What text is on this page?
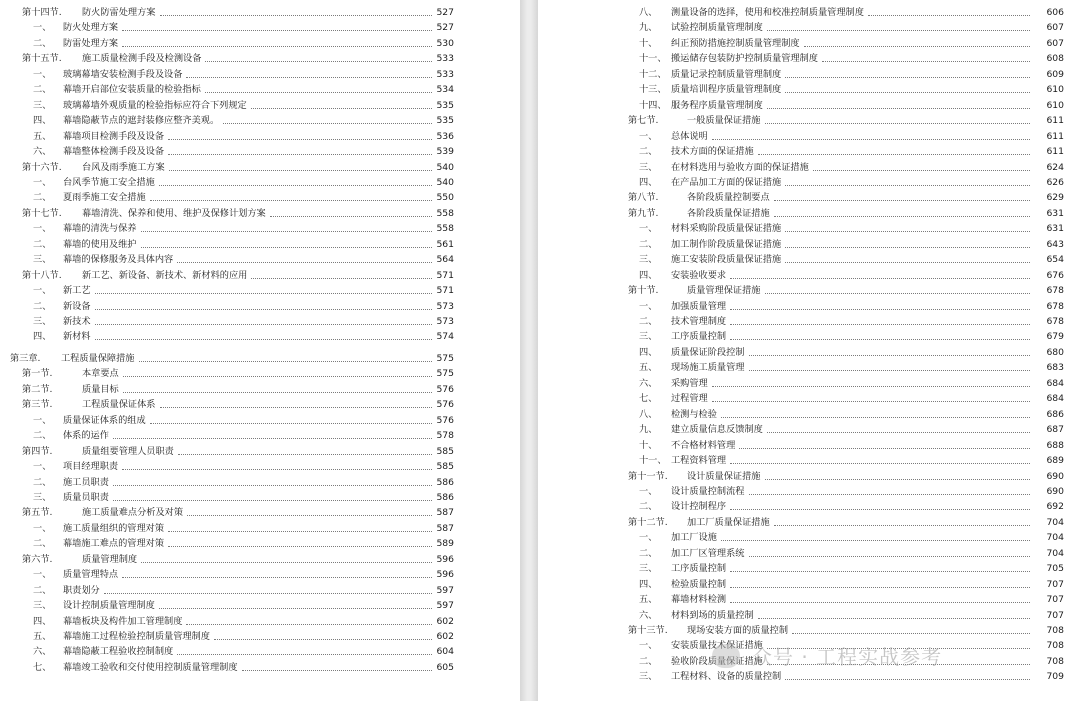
第十四节. 防火防雷处理方案	527
一、 防火处理方案	527
二、 防雷处理方案	530
第十五节. 施工质量检测手段及检测设备	533
一、 玻璃幕墙安装检测手段及设备	533
二、 幕墙开启部位安装质量的检验指标	534
三、 玻璃幕墙外观质量的检验指标应符合下列规定	535
四、 幕墙隐蔽节点的遮封装修应整齐美观。	535
五、 幕墙项目检测手段及设备	536
六、 幕墙整体检测手段及设备	539
第十六节. 台风及雨季施工方案	540
一、 台风季节施工安全措施	540
二、 夏雨季施工安全措施	550
第十七节. 幕墙清洗、保养和使用、维护及保修计划方案	558
一、 幕墙的清洗与保养	558
二、 幕墙的使用及维护	561
三、 幕墙的保修服务及具体内容	564
第十八节. 新工艺、新设备、新技术、新材料的应用	571
一、 新工艺	571
二、 新设备	573
三、 新技术	573
四、 新材料	574
第三章. 工程质量保障措施	575
第一节.	本章要点	575
第二节.	质量目标	576
第三节.	工程质量保证体系	576
一、 质量保证体系的组成	576
二、 体系的运作	578
第四节.	质量组要管理人员职责	585
一、 项目经理职责	585
二、 施工员职责	586
三、 质量员职责	586
第五节.	施工质量难点分析及对策	587
一、 施工质量组织的管理对策	587
二、 幕墙施工难点的管理对策	589
第六节.	质量管理制度	596
一、 质量管理特点	596
二、 职责划分	597
三、 设计控制质量管理制度	597
四、 幕墙板块及构件加工管理制度	602
五、 幕墙施工过程检验控制质量管理制度	602
六、 幕墙隐蔽工程验收控制制度	604
七、 幕墙竣工验收和交付使用控制质量管理制度	605
八、 测量设备的选择，使用和校准控制质量管理制度	606
九、 试验控制质量管理制度	607
十、 纠正预防措施控制质量管理制度	607
十一、 搬运储存包装防护控制质量管理制度	608
十二、 质量记录控制质量管理制度	609
十三、 质量培训程序质量管理制度	610
十四、 服务程序质量管理制度	610
第七节.	一般质量保证措施	611
一、 总体说明	611
二、 技术方面的保证措施	611
三、 在材料选用与验收方面的保证措施	624
四、 在产品加工方面的保证措施	626
第八节.	各阶段质量控制要点	629
第九节.	各阶段质量保证措施	631
一、 材料采购阶段质量保证措施	631
二、 加工制作阶段质量保证措施	643
三、 施工安装阶段质量保证措施	654
四、 安装验收要求	676
第十节.	质量管理保证措施	678
一、 加强质量管理	678
二、 技术管理制度	678
三、 工序质量控制	679
四、 质量保证阶段控制	680
五、 现场施工质量管理	683
六、 采购管理	684
七、 过程管理	684
八、 检测与检验	686
九、 建立质量信息反馈制度	687
十、 不合格材料管理	688
十一、 工程资料管理	689
第十一节. 设计质量保证措施	690
一、 设计质量控制流程	690
二、 设计控制程序	692
第十二节. 加工厂质量保证措施	704
一、 加工厂设施	704
二、 加工厂区管理系统	704
三、 工序质量控制	705
四、 检验质量控制	707
五、 幕墙材料检测	707
六、 材料到场的质量控制	707
第十三节. 现场安装方面的质量控制	708
一、 安装质量技术保证措施	708
二、 验收阶段质量保证措施	708
三、 工程材料、设备的质量控制	709
众号 · 工程实战参考
